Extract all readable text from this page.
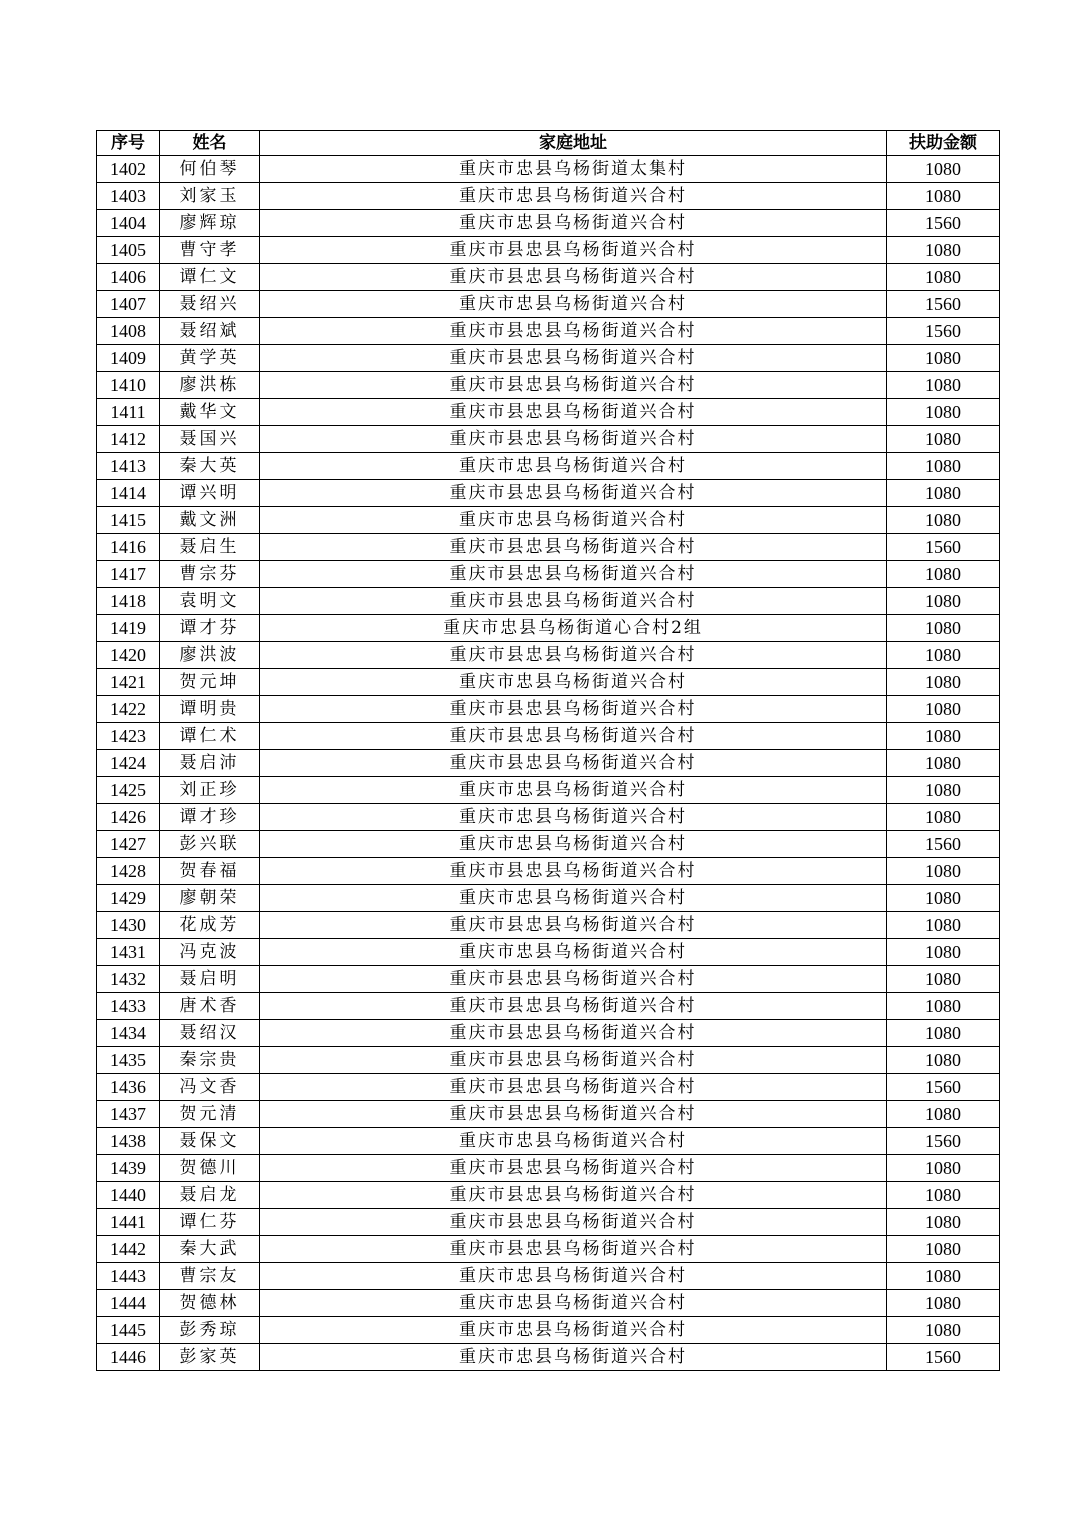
序号	姓名	家庭地址	扶助金额
1402	何伯琴	重庆市忠县乌杨街道太集村	1080
1403	刘家玉	重庆市忠县乌杨街道兴合村	1080
1404	廖辉琼	重庆市忠县乌杨街道兴合村	1560
1405	曹守孝	重庆市县忠县乌杨街道兴合村	1080
1406	谭仁文	重庆市县忠县乌杨街道兴合村	1080
1407	聂绍兴	重庆市忠县乌杨街道兴合村	1560
1408	聂绍斌	重庆市县忠县乌杨街道兴合村	1560
1409	黄学英	重庆市县忠县乌杨街道兴合村	1080
1410	廖洪栋	重庆市县忠县乌杨街道兴合村	1080
1411	戴华文	重庆市县忠县乌杨街道兴合村	1080
1412	聂国兴	重庆市县忠县乌杨街道兴合村	1080
1413	秦大英	重庆市忠县乌杨街道兴合村	1080
1414	谭兴明	重庆市县忠县乌杨街道兴合村	1080
1415	戴文洲	重庆市忠县乌杨街道兴合村	1080
1416	聂启生	重庆市县忠县乌杨街道兴合村	1560
1417	曹宗芬	重庆市县忠县乌杨街道兴合村	1080
1418	袁明文	重庆市县忠县乌杨街道兴合村	1080
1419	谭才芬	重庆市忠县乌杨街道心合村2组	1080
1420	廖洪波	重庆市县忠县乌杨街道兴合村	1080
1421	贺元坤	重庆市忠县乌杨街道兴合村	1080
1422	谭明贵	重庆市县忠县乌杨街道兴合村	1080
1423	谭仁术	重庆市县忠县乌杨街道兴合村	1080
1424	聂启沛	重庆市县忠县乌杨街道兴合村	1080
1425	刘正珍	重庆市忠县乌杨街道兴合村	1080
1426	谭才珍	重庆市忠县乌杨街道兴合村	1080
1427	彭兴联	重庆市忠县乌杨街道兴合村	1560
1428	贺春福	重庆市县忠县乌杨街道兴合村	1080
1429	廖朝荣	重庆市忠县乌杨街道兴合村	1080
1430	花成芳	重庆市县忠县乌杨街道兴合村	1080
1431	冯克波	重庆市忠县乌杨街道兴合村	1080
1432	聂启明	重庆市县忠县乌杨街道兴合村	1080
1433	唐术香	重庆市县忠县乌杨街道兴合村	1080
1434	聂绍汉	重庆市县忠县乌杨街道兴合村	1080
1435	秦宗贵	重庆市县忠县乌杨街道兴合村	1080
1436	冯文香	重庆市县忠县乌杨街道兴合村	1560
1437	贺元清	重庆市县忠县乌杨街道兴合村	1080
1438	聂保文	重庆市忠县乌杨街道兴合村	1560
1439	贺德川	重庆市县忠县乌杨街道兴合村	1080
1440	聂启龙	重庆市县忠县乌杨街道兴合村	1080
1441	谭仁芬	重庆市县忠县乌杨街道兴合村	1080
1442	秦大武	重庆市县忠县乌杨街道兴合村	1080
1443	曹宗友	重庆市忠县乌杨街道兴合村	1080
1444	贺德林	重庆市忠县乌杨街道兴合村	1080
1445	彭秀琼	重庆市忠县乌杨街道兴合村	1080
1446	彭家英	重庆市忠县乌杨街道兴合村	1560
